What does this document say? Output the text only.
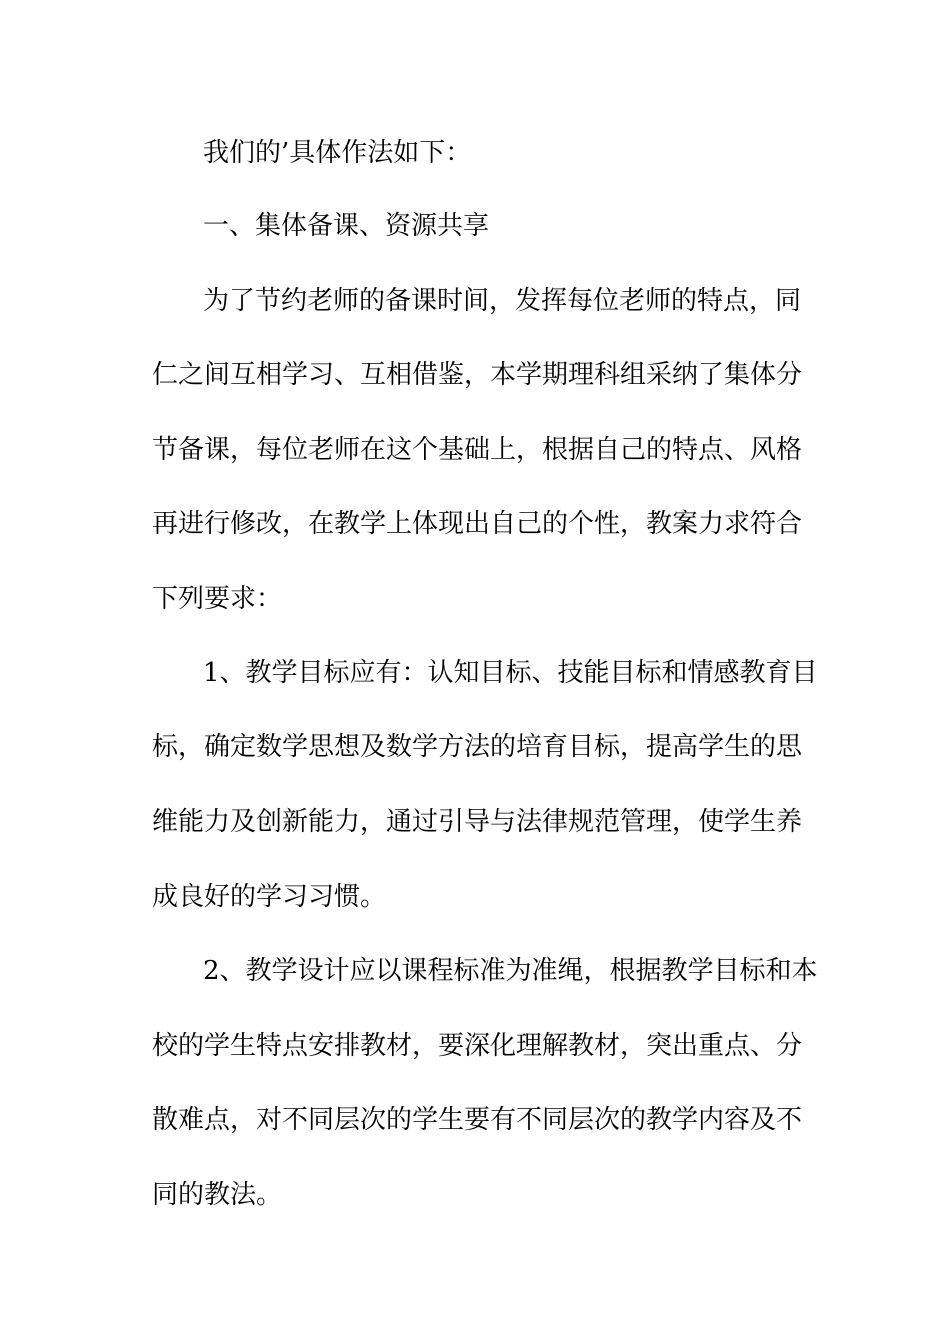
我们的’具体作法如下：
一、集体备课、资源共享
为了节约老师的备课时间，发挥每位老师的特点，同
仁之间互相学习、互相借鉴，本学期理科组采纳了集体分
节备课，每位老师在这个基础上，根据自己的特点、风格
再进行修改，在教学上体现出自己的个性，教案力求符合
下列要求：
1、教学目标应有：认知目标、技能目标和情感教育目
标，确定数学思想及数学方法的培育目标，提高学生的思
维能力及创新能力，通过引导与法律规范管理，使学生养
成良好的学习习惯。
2、教学设计应以课程标准为准绳，根据教学目标和本
校的学生特点安排教材，要深化理解教材，突出重点、分
散难点，对不同层次的学生要有不同层次的教学内容及不
同的教法。
